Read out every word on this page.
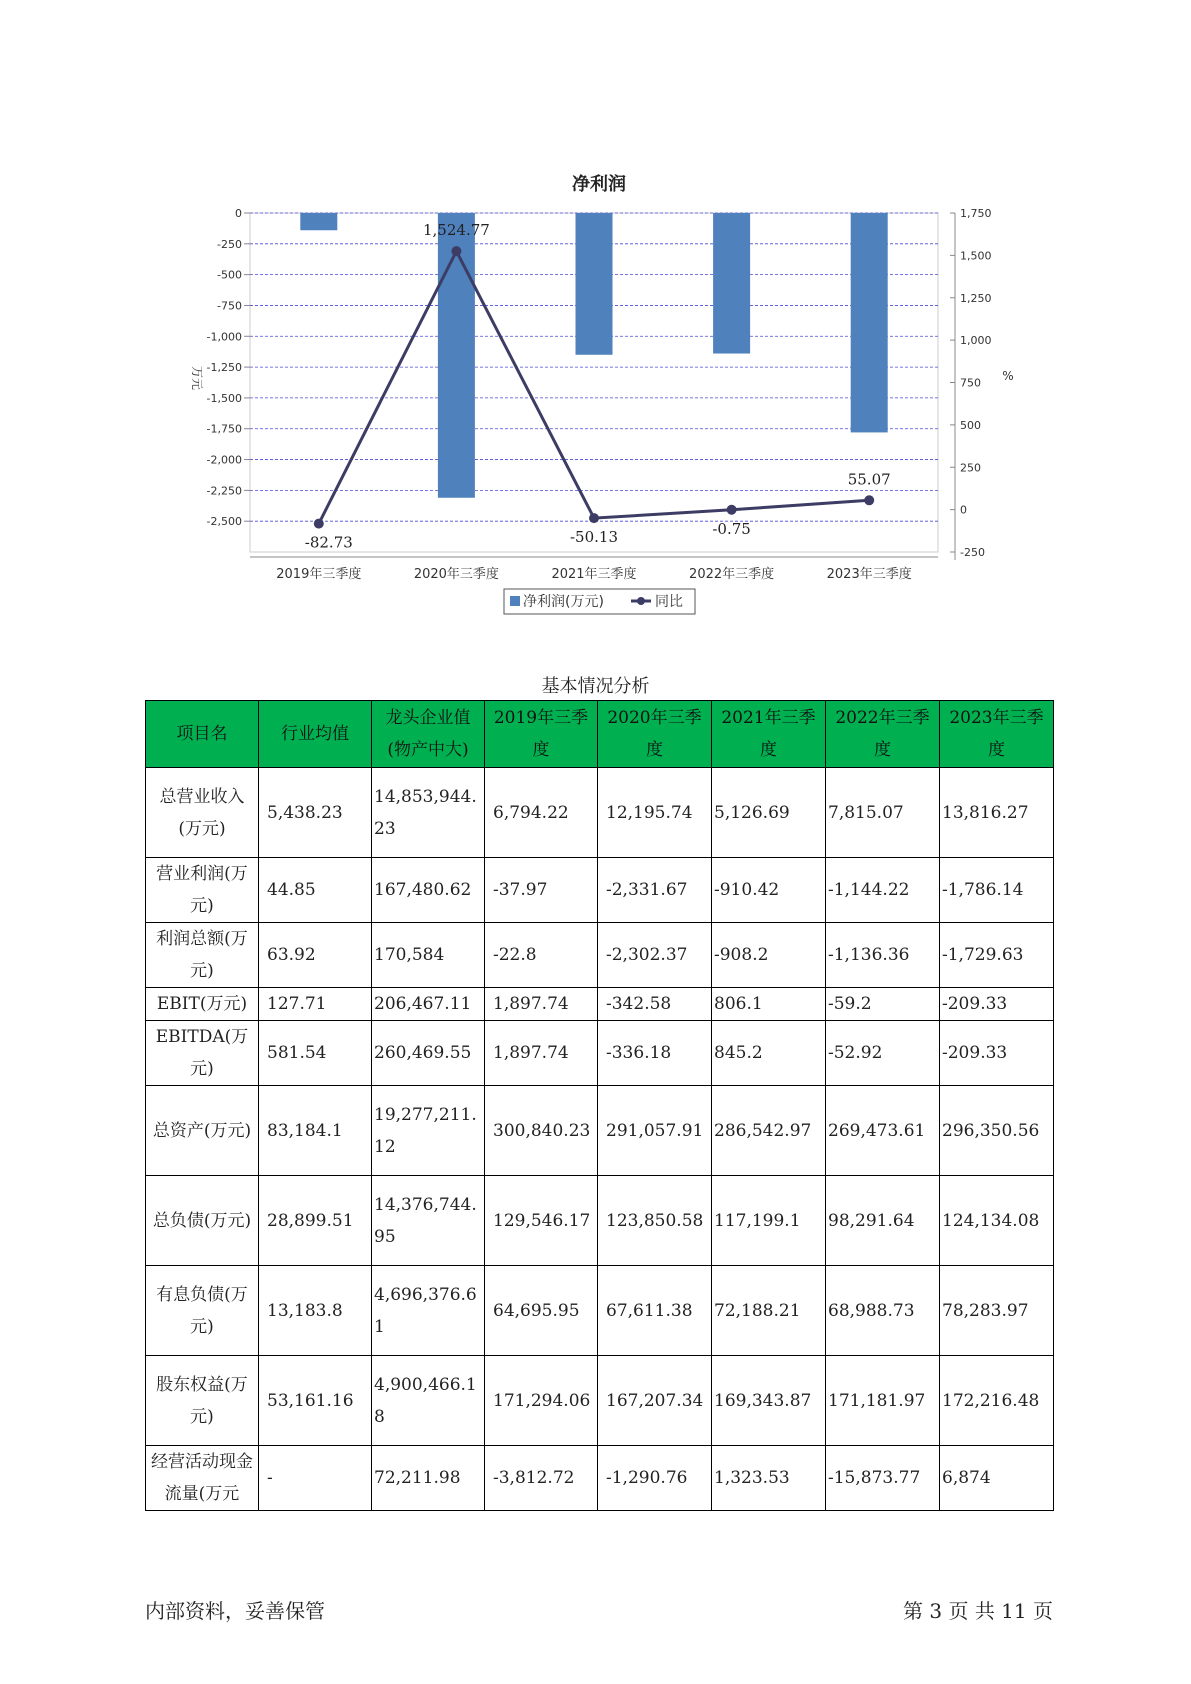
净利润
0
-250
-500
-750
-1,000
-1,250
-1,500
-1,750
-2,000
-2,250
-2,500
1,750
1,500
1,250
1,000
750
500
250
0
-250
万元	%
2019年三季度	2020年三季度	2021年三季度	2022年三季度	2023年三季度
-82.73
1,524.77
-50.13	-0.75
55.07
净利润(万元)	同比
基本情况分析
项目名	行业均值	龙头企业值(物产中大)	2019年三季度	2020年三季度	2021年三季度	2022年三季度	2023年三季度
总营业收入(万元)	5,438.23	14,853,944.23	6,794.22	12,195.74	5,126.69	7,815.07	13,816.27
营业利润(万元)	44.85	167,480.62	-37.97	-2,331.67	-910.42	-1,144.22	-1,786.14
利润总额(万元)	63.92	170,584	-22.8	-2,302.37	-908.2	-1,136.36	-1,729.63
EBIT(万元)	127.71	206,467.11	1,897.74	-342.58	806.1	-59.2	-209.33
EBITDA(万元)	581.54	260,469.55	1,897.74	-336.18	845.2	-52.92	-209.33
总资产(万元)	83,184.1	19,277,211.12	300,840.23	291,057.91	286,542.97	269,473.61	296,350.56
总负债(万元)	28,899.51	14,376,744.95	129,546.17	123,850.58	117,199.1	98,291.64	124,134.08
有息负债(万元)	13,183.8	4,696,376.61	64,695.95	67,611.38	72,188.21	68,988.73	78,283.97
股东权益(万元)	53,161.16	4,900,466.18	171,294.06	167,207.34	169,343.87	171,181.97	172,216.48
经营活动现金流量(万元	-	72,211.98	-3,812.72	-1,290.76	1,323.53	-15,873.77	6,874
内部资料，妥善保管	第 3 页 共 11 页
